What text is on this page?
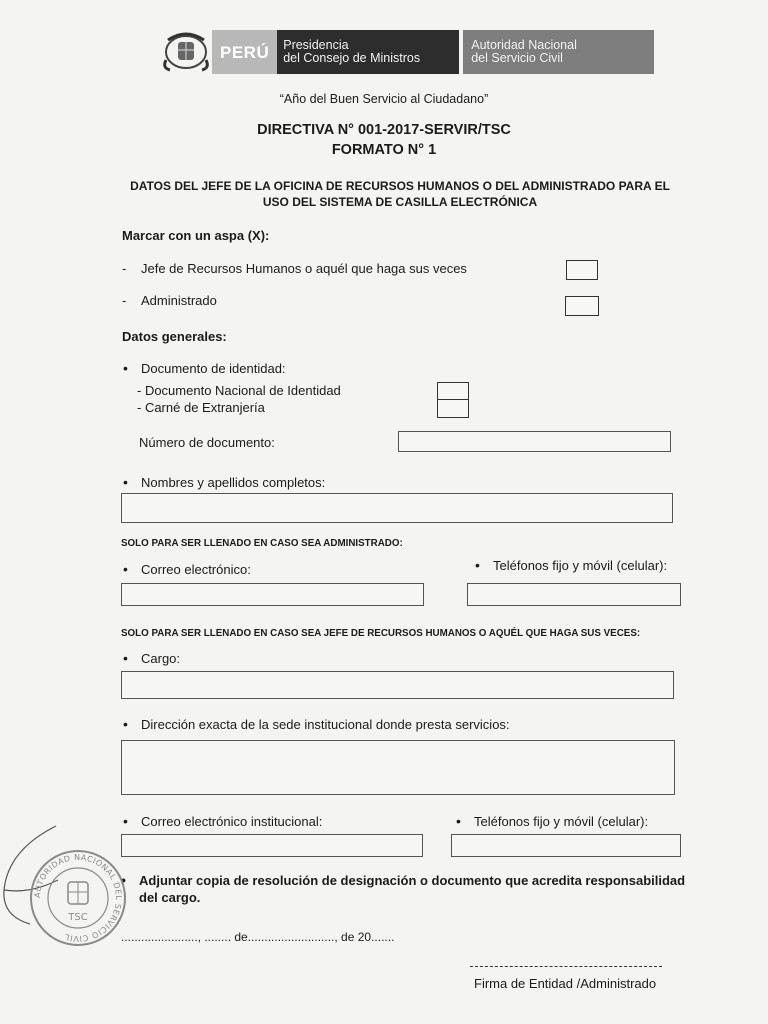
PERÚ	Presidencia
del Consejo de Ministros
Autoridad Nacional
del Servicio Civil
“Año del Buen Servicio al Ciudadano”
DIRECTIVA N° 001-2017-SERVIR/TSC
FORMATO N° 1
DATOS DEL JEFE DE LA OFICINA DE RECURSOS HUMANOS O DEL ADMINISTRADO PARA EL USO DEL SISTEMA DE CASILLA ELECTRÓNICA
Marcar con un aspa (X):
- Jefe de Recursos Humanos o aquél que haga sus veces
- Administrado
Datos generales:
• Documento de identidad:
- Documento Nacional de Identidad
- Carné de Extranjería
Número de documento:
• Nombres y apellidos completos:
SOLO PARA SER LLENADO EN CASO SEA ADMINISTRADO:
• Correo electrónico:	• Teléfonos fijo y móvil (celular):
SOLO PARA SER LLENADO EN CASO SEA JEFE DE RECURSOS HUMANOS O AQUÉL QUE HAGA SUS VECES:
• Cargo:
• Dirección exacta de la sede institucional donde presta servicios:
• Correo electrónico institucional:	• Teléfonos fijo y móvil (celular):
• Adjuntar copia de resolución de designación o documento que acredita responsabilidad
del cargo.
......................., ........ de.........................., de 20.......
Firma de Entidad /Administrado
AUTORIDAD NACIONAL DEL SERVICIO CIVIL
TSC
